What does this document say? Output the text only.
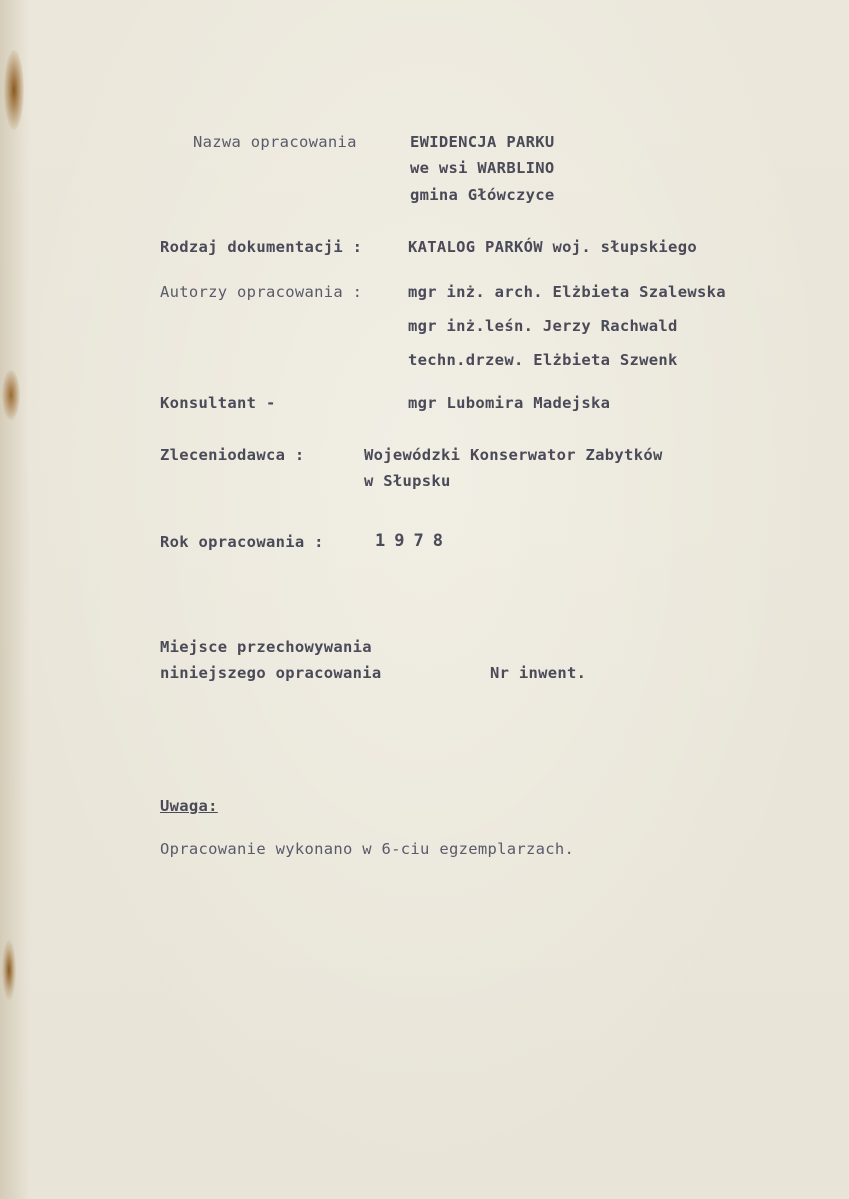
Nazwa opracowania	EWIDENCJA PARKU
we wsi WARBLINO
gmina Główczyce
Rodzaj dokumentacji :	KATALOG PARKÓW woj. słupskiego
Autorzy opracowania :	mgr inż. arch. Elżbieta Szalewska
mgr inż.leśn. Jerzy Rachwald
techn.drzew. Elżbieta Szwenk
Konsultant -	mgr Lubomira Madejska
Zleceniodawca :	Wojewódzki Konserwator Zabytków
w Słupsku
Rok opracowania :	1978
Miejsce przechowywania
niniejszego opracowania	Nr inwent.
Uwaga:
Opracowanie wykonano w 6-ciu egzemplarzach.
